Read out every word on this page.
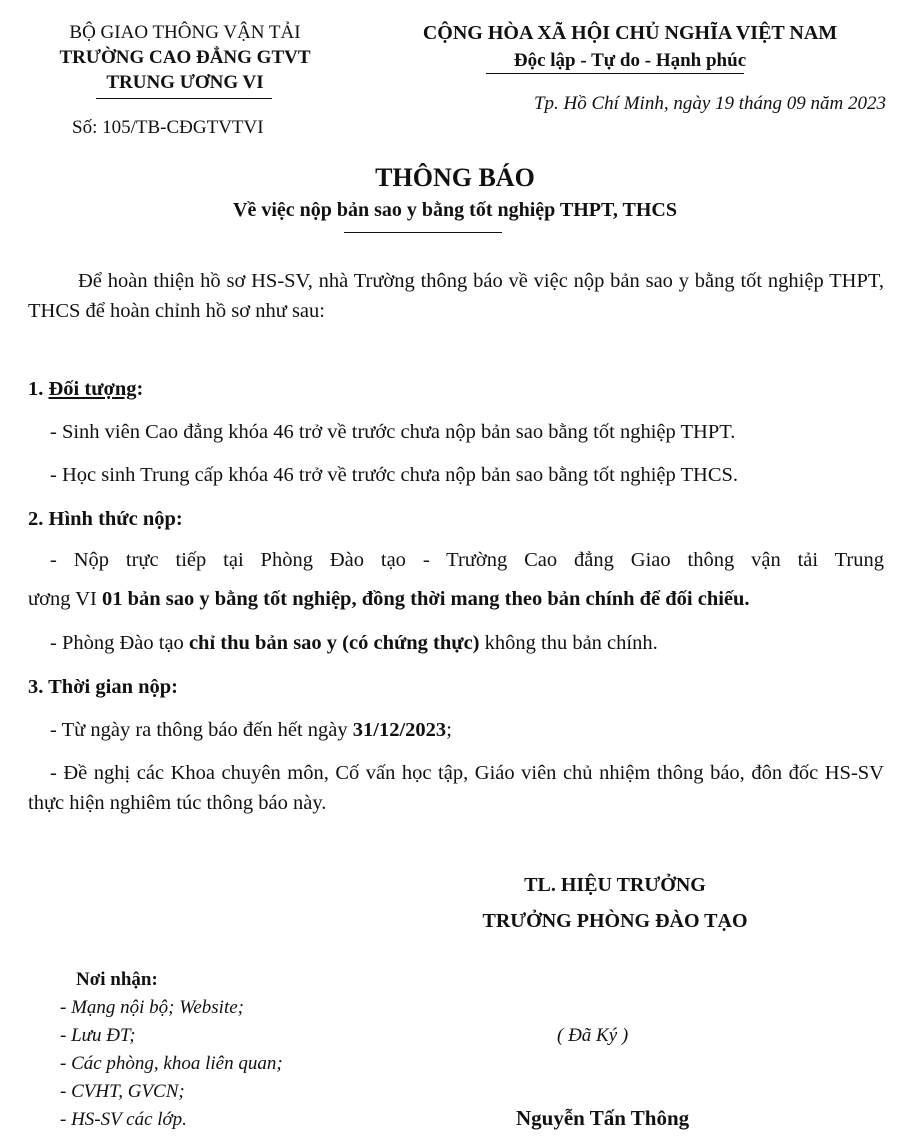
BỘ GIAO THÔNG VẬN TẢI
TRƯỜNG CAO ĐẲNG GTVT
TRUNG ƯƠNG VI
Số: 105/TB-CĐGTVTVI
CỘNG HÒA XÃ HỘI CHỦ NGHĨA VIỆT NAM
Độc lập - Tự do - Hạnh phúc
Tp. Hồ Chí Minh, ngày 19 tháng 09 năm 2023
THÔNG BÁO
Về việc nộp bản sao y bằng tốt nghiệp THPT, THCS
Để hoàn thiện hồ sơ HS-SV, nhà Trường thông báo về việc nộp bản sao y bằng tốt nghiệp THPT, THCS để hoàn chỉnh hồ sơ như sau:
1. Đối tượng:
- Sinh viên Cao đẳng khóa 46 trở về trước chưa nộp bản sao bằng tốt nghiệp THPT.
- Học sinh Trung cấp khóa 46 trở về trước chưa nộp bản sao bằng tốt nghiệp THCS.
2. Hình thức nộp:
- Nộp trực tiếp tại Phòng Đào tạo - Trường Cao đẳng Giao thông vận tải Trung
ương VI 01 bản sao y bằng tốt nghiệp, đồng thời mang theo bản chính để đối chiếu.
- Phòng Đào tạo chỉ thu bản sao y (có chứng thực) không thu bản chính.
3. Thời gian nộp:
- Từ ngày ra thông báo đến hết ngày 31/12/2023;
- Đề nghị các Khoa chuyên môn, Cố vấn học tập, Giáo viên chủ nhiệm thông báo, đôn đốc HS-SV thực hiện nghiêm túc thông báo này.
TL. HIỆU TRƯỞNG
TRƯỞNG PHÒNG ĐÀO TẠO
( Đã Ký )
Nguyễn Tấn Thông
Nơi nhận:
- Mạng nội bộ; Website;
- Lưu ĐT;
- Các phòng, khoa liên quan;
- CVHT, GVCN;
- HS-SV các lớp.
